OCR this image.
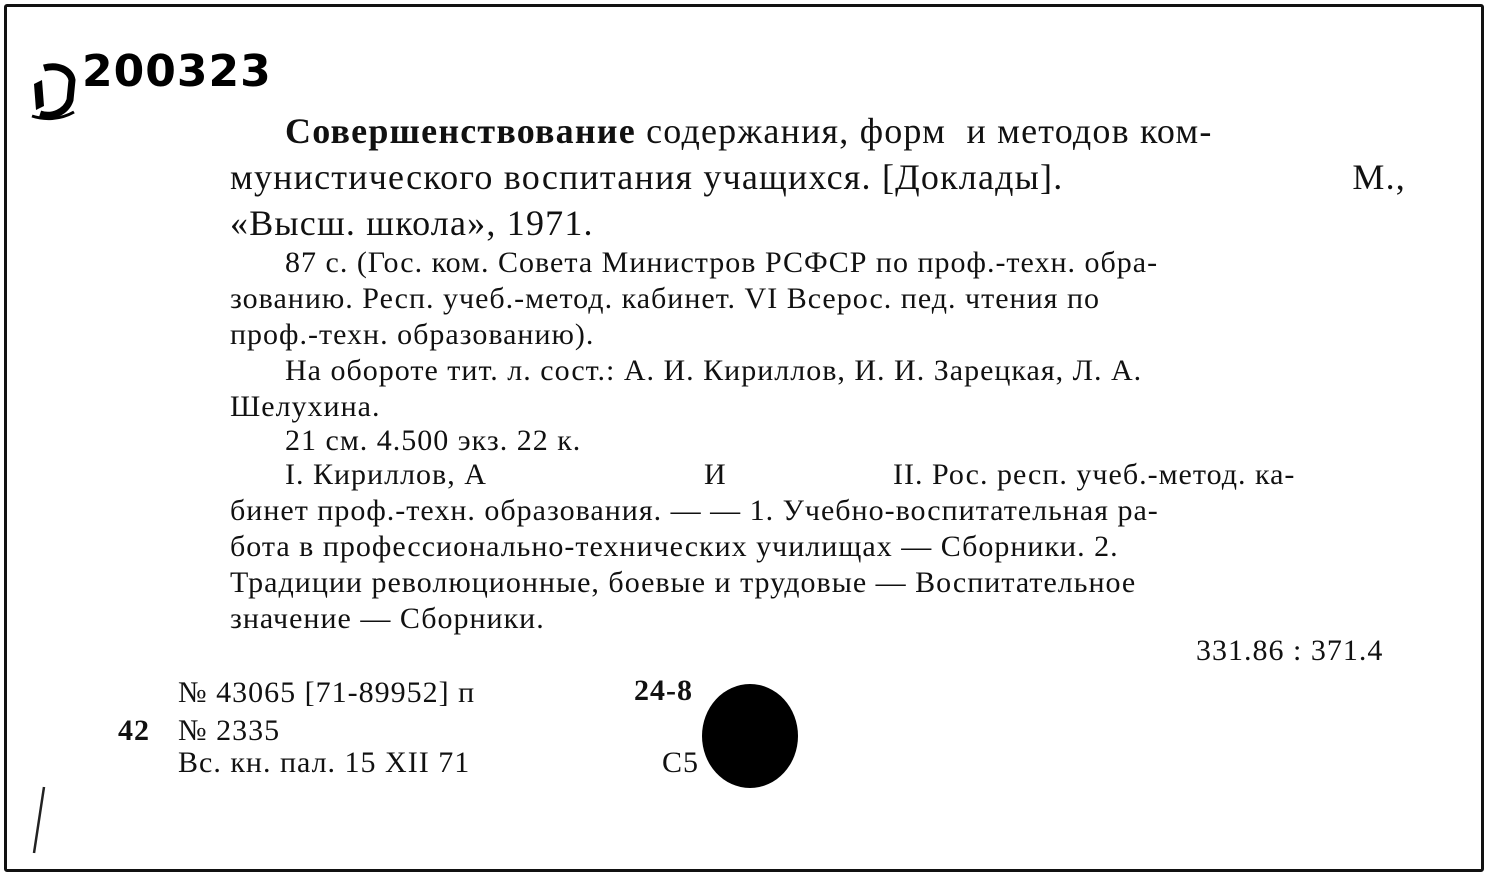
200323
Совершенствование содержания, форм  и методов ком-
мунистического воспитания учащихся. [Доклады].	М.,
«Высш. школа», 1971.
87 с. (Гос. ком. Совета Министров РСФСР по проф.-техн. обра-
зованию. Респ. учеб.-метод. кабинет. VI Всерос. пед. чтения по
проф.-техн. образованию).
На обороте тит. л. сост.: А. И. Кириллов, И. И. Зарецкая, Л. А.
Шелухина.
21 см. 4.500 экз. 22 к.
I. Кириллов, А	И	II. Рос. респ. учеб.-метод. ка-
бинет проф.-техн. образования. — — 1. Учебно-воспитательная ра-
бота в профессионально-технических училищах — Сборники. 2.
Традиции революционные, боевые и трудовые — Воспитательное
значение — Сборники.
331.86 : 371.4
№ 43065 [71-89952] п	24-8
42 № 2335
Вс. кн. пал. 15 XII 71	С5
